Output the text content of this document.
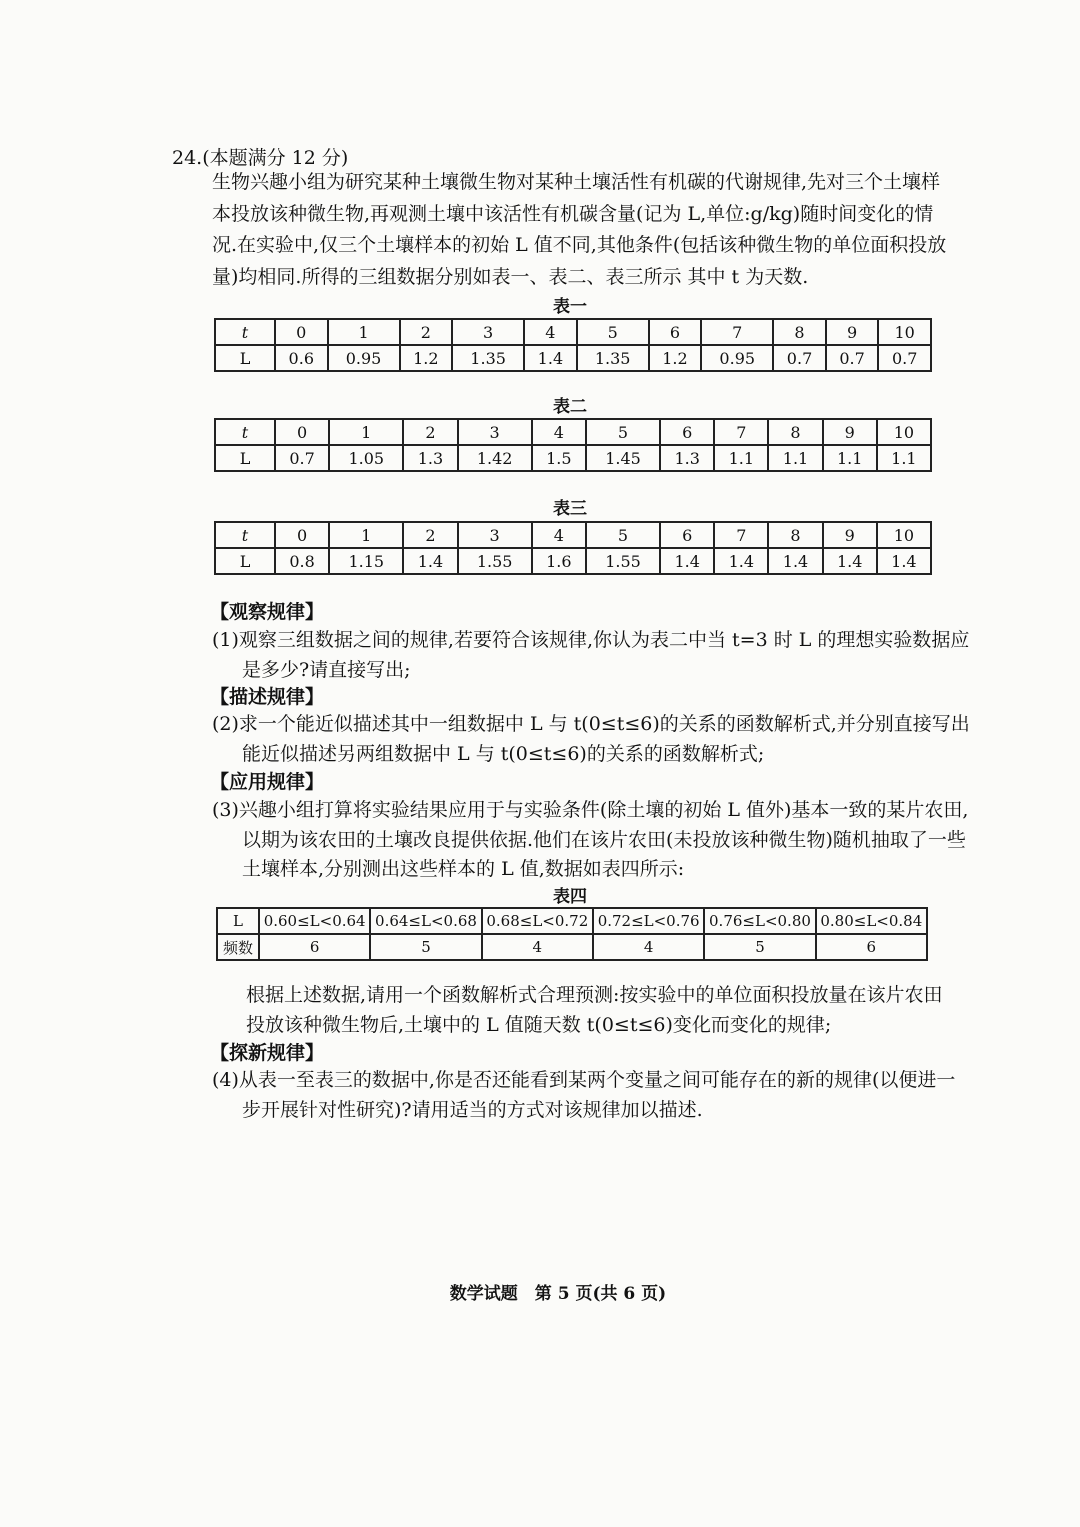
24.(本题满分 12 分)
生物兴趣小组为研究某种土壤微生物对某种土壤活性有机碳的代谢规律,先对三个土壤样本投放该种微生物,再观测土壤中该活性有机碳含量(记为 L,单位:g/kg)随时间变化的情况.在实验中,仅三个土壤样本的初始 L 值不同,其他条件(包括该种微生物的单位面积投放量)均相同.所得的三组数据分别如表一、表二、表三所示 其中 t 为天数.
表一
t	0	1	2	3	4	5	6	7	8	9	10
L	0.6	0.95	1.2	1.35	1.4	1.35	1.2	0.95	0.7	0.7	0.7
表二
t	0	1	2	3	4	5	6	7	8	9	10
L	0.7	1.05	1.3	1.42	1.5	1.45	1.3	1.1	1.1	1.1	1.1
表三
t	0	1	2	3	4	5	6	7	8	9	10
L	0.8	1.15	1.4	1.55	1.6	1.55	1.4	1.4	1.4	1.4	1.4
【观察规律】
(1)观察三组数据之间的规律,若要符合该规律,你认为表二中当 t=3 时 L 的理想实验数据应是多少?请直接写出;
【描述规律】
(2)求一个能近似描述其中一组数据中 L 与 t(0≤t≤6)的关系的函数解析式,并分别直接写出能近似描述另两组数据中 L 与 t(0≤t≤6)的关系的函数解析式;
【应用规律】
(3)兴趣小组打算将实验结果应用于与实验条件(除土壤的初始 L 值外)基本一致的某片农田,以期为该农田的土壤改良提供依据.他们在该片农田(未投放该种微生物)随机抽取了一些土壤样本,分别测出这些样本的 L 值,数据如表四所示:
表四
L	0.60≤L<0.64	0.64≤L<0.68	0.68≤L<0.72	0.72≤L<0.76	0.76≤L<0.80	0.80≤L<0.84
频数	6	5	4	4	5	6
根据上述数据,请用一个函数解析式合理预测:按实验中的单位面积投放量在该片农田投放该种微生物后,土壤中的 L 值随天数 t(0≤t≤6)变化而变化的规律;
【探新规律】
(4)从表一至表三的数据中,你是否还能看到某两个变量之间可能存在的新的规律(以便进一步开展针对性研究)?请用适当的方式对该规律加以描述.
数学试题　第 5 页(共 6 页)
